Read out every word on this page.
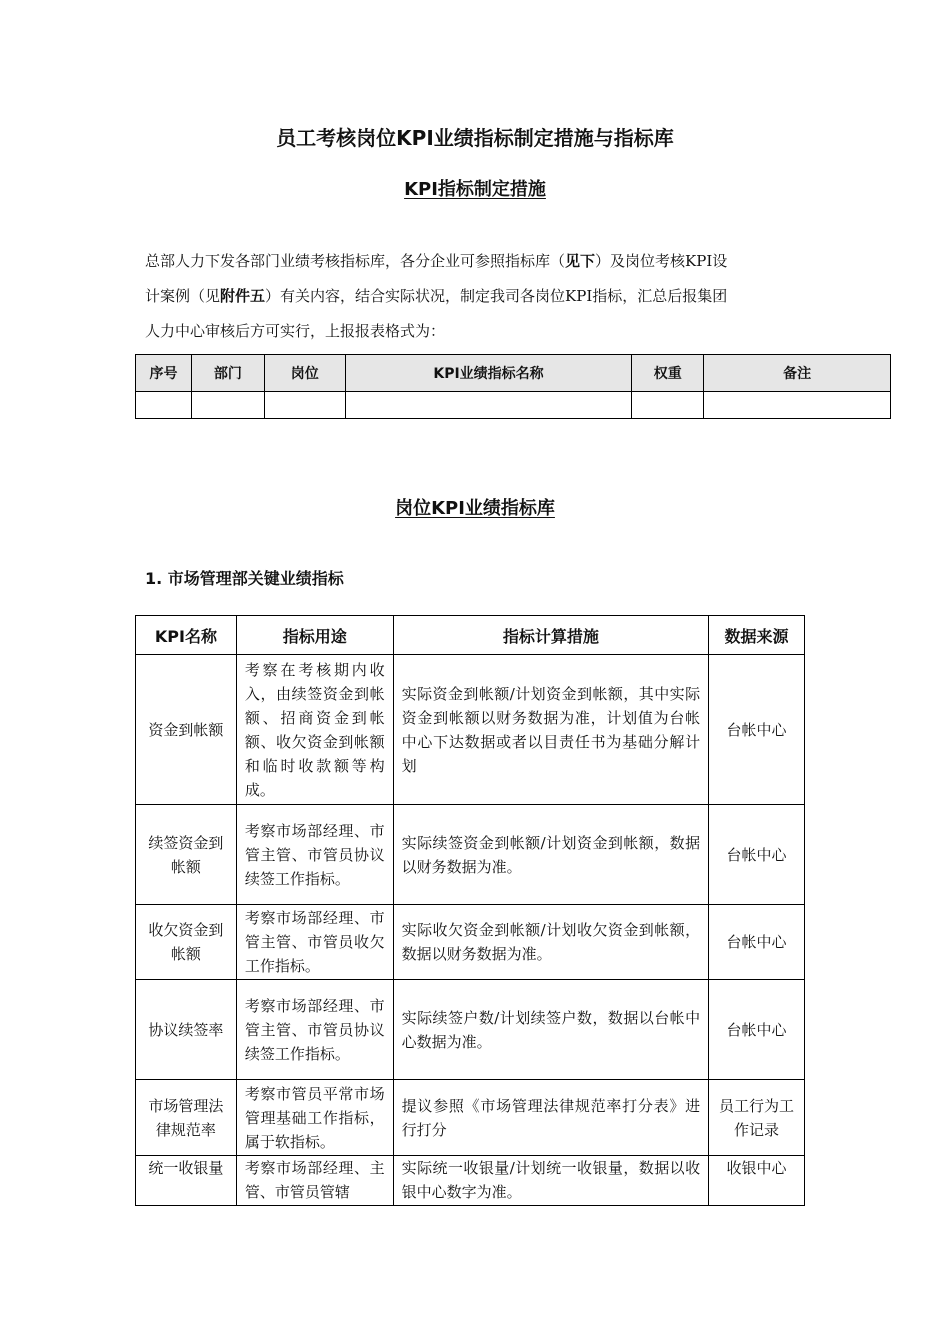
员工考核岗位KPI业绩指标制定措施与指标库
KPI指标制定措施
总部人力下发各部门业绩考核指标库，各分企业可参照指标库（见下）及岗位考核KPI设
计案例（见附件五）有关内容，结合实际状况，制定我司各岗位KPI指标，汇总后报集团
人力中心审核后方可实行，上报报表格式为：
序号	部门	岗位	KPI业绩指标名称	权重	备注

岗位KPI业绩指标库
1. 市场管理部关键业绩指标
KPI名称	指标用途	指标计算措施	数据来源
资金到帐额	考察在考核期内收入，由续签资金到帐额、招商资金到帐额、收欠资金到帐额和临时收款额等构成。	实际资金到帐额/计划资金到帐额，其中实际资金到帐额以财务数据为准，计划值为台帐中心下达数据或者以目责任书为基础分解计划	台帐中心
续签资金到帐额	考察市场部经理、市管主管、市管员协议续签工作指标。	实际续签资金到帐额/计划资金到帐额，数据以财务数据为准。	台帐中心
收欠资金到帐额	考察市场部经理、市管主管、市管员收欠工作指标。	实际收欠资金到帐额/计划收欠资金到帐额，数据以财务数据为准。	台帐中心
协议续签率	考察市场部经理、市管主管、市管员协议续签工作指标。	实际续签户数/计划续签户数，数据以台帐中心数据为准。	台帐中心
市场管理法律规范率	考察市管员平常市场管理基础工作指标，属于软指标。	提议参照《市场管理法律规范率打分表》进行打分	员工行为工作记录
统一收银量	考察市场部经理、主管、市管员管辖	实际统一收银量/计划统一收银量，数据以收银中心数字为准。	收银中心
